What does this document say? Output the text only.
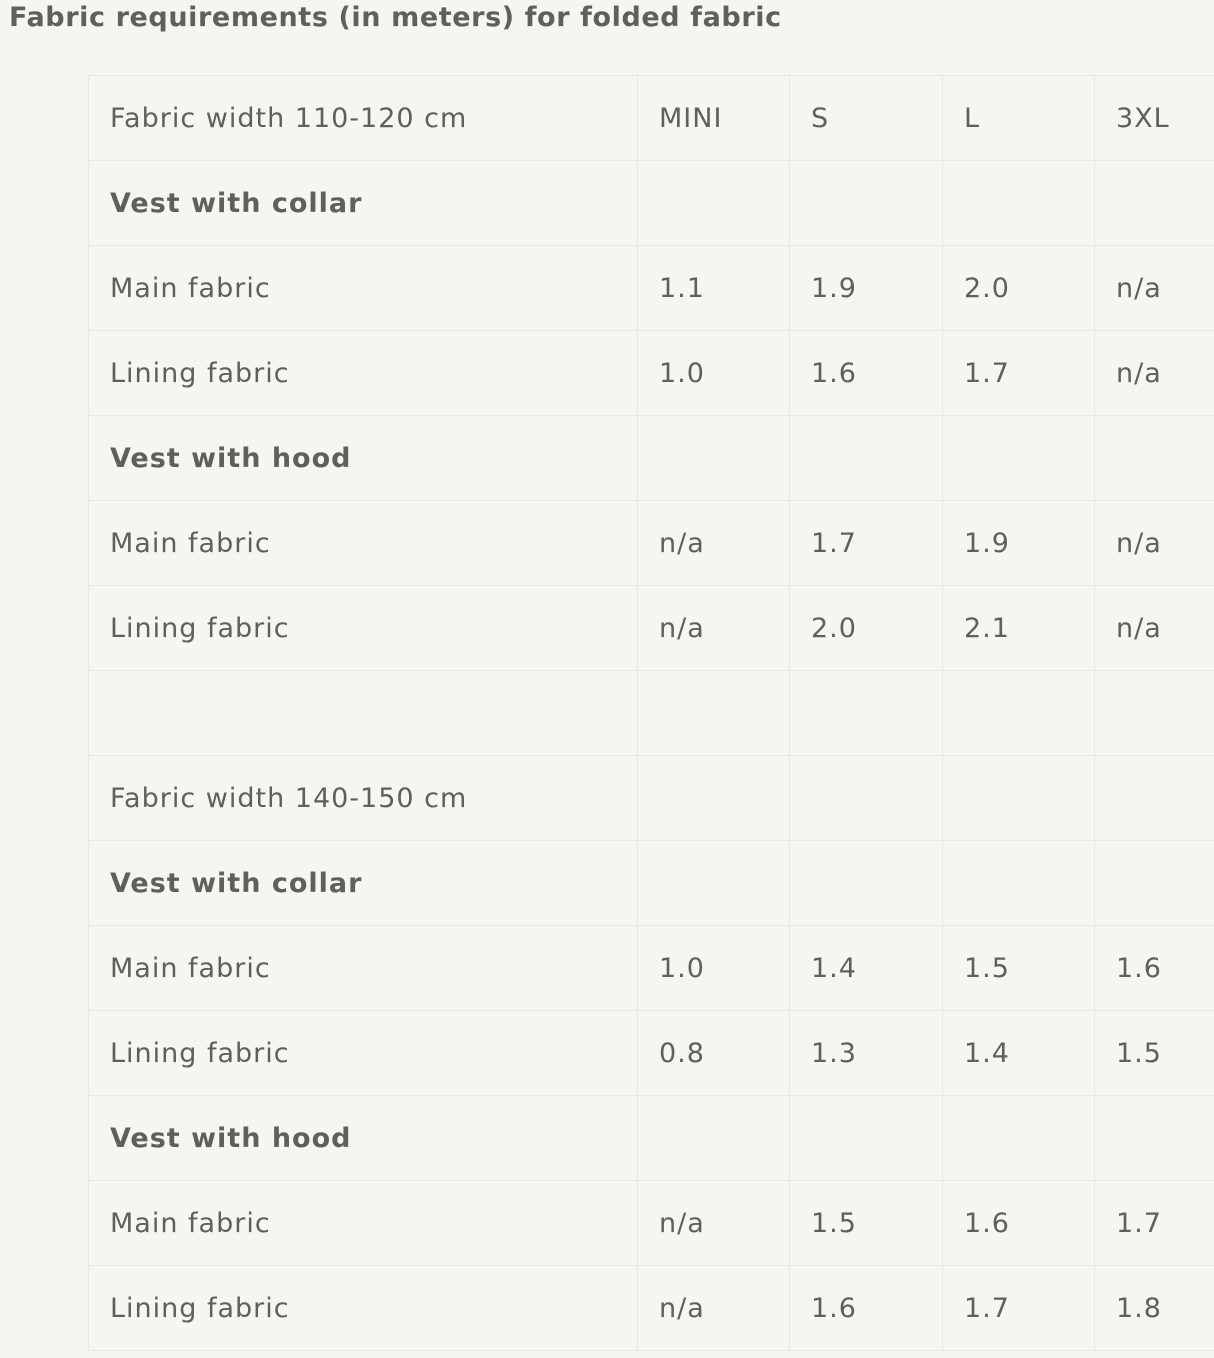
Fabric requirements (in meters) for folded fabric
Fabric width 110-120 cm	MINI	S	L	3XL
Vest with collar				
Main fabric	1.1	1.9	2.0	n/a
Lining fabric	1.0	1.6	1.7	n/a
Vest with hood				
Main fabric	n/a	1.7	1.9	n/a
Lining fabric	n/a	2.0	2.1	n/a

Fabric width 140-150 cm				
Vest with collar				
Main fabric	1.0	1.4	1.5	1.6
Lining fabric	0.8	1.3	1.4	1.5
Vest with hood				
Main fabric	n/a	1.5	1.6	1.7
Lining fabric	n/a	1.6	1.7	1.8
